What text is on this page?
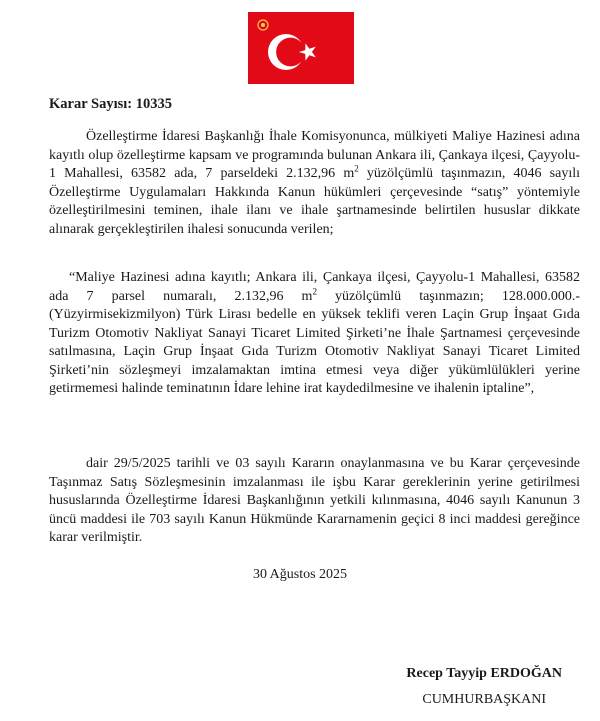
Karar Sayısı: 10335

Özelleştirme İdaresi Başkanlığı İhale Komisyonunca, mülkiyeti Maliye Hazinesi adına kayıtlı olup özelleştirme kapsam ve programında bulunan Ankara ili, Çankaya ilçesi, Çayyolu-1 Mahallesi, 63582 ada, 7 parseldeki 2.132,96 $m^2$ yüzölçümlü taşınmazın, 4046 sayılı Özelleştirme Uygulamaları Hakkında Kanun hükümleri çerçevesinde “satış” yöntemiyle özelleştirilmesini teminen, ihale ilanı ve ihale şartnamesinde belirtilen hususlar dikkate alınarak gerçekleştirilen ihalesi sonucunda verilen;

“Maliye Hazinesi adına kayıtlı; Ankara ili, Çankaya ilçesi, Çayyolu-1 Mahallesi, 63582 ada 7 parsel numaralı, 2.132,96 $m^2$ yüzölçümlü taşınmazın; 128.000.000.- (Yüzyirmisekizmilyon) Türk Lirası bedelle en yüksek teklifi veren Laçin Grup İnşaat Gıda Turizm Otomotiv Nakliyat Sanayi Ticaret Limited Şirketi’ne İhale Şartnamesi çerçevesinde satılmasına, Laçin Grup İnşaat Gıda Turizm Otomotiv Nakliyat Sanayi Ticaret Limited Şirketi’nin sözleşmeyi imzalamaktan imtina etmesi veya diğer yükümlülükleri yerine getirmemesi halinde teminatının İdare lehine irat kaydedilmesine ve ihalenin iptaline”,

dair 29/5/2025 tarihli ve 03 sayılı Kararın onaylanmasına ve bu Karar çerçevesinde Taşınmaz Satış Sözleşmesinin imzalanması ile işbu Karar gereklerinin yerine getirilmesi hususlarında Özelleştirme İdaresi Başkanlığının yetkili kılınmasına, 4046 sayılı Kanunun 3 üncü maddesi ile 703 sayılı Kanun Hükmünde Kararnamenin geçici 8 inci maddesi gereğince karar verilmiştir.

30 Ağustos 2025

Recep Tayyip ERDOĞAN
CUMHURBAŞKANI
